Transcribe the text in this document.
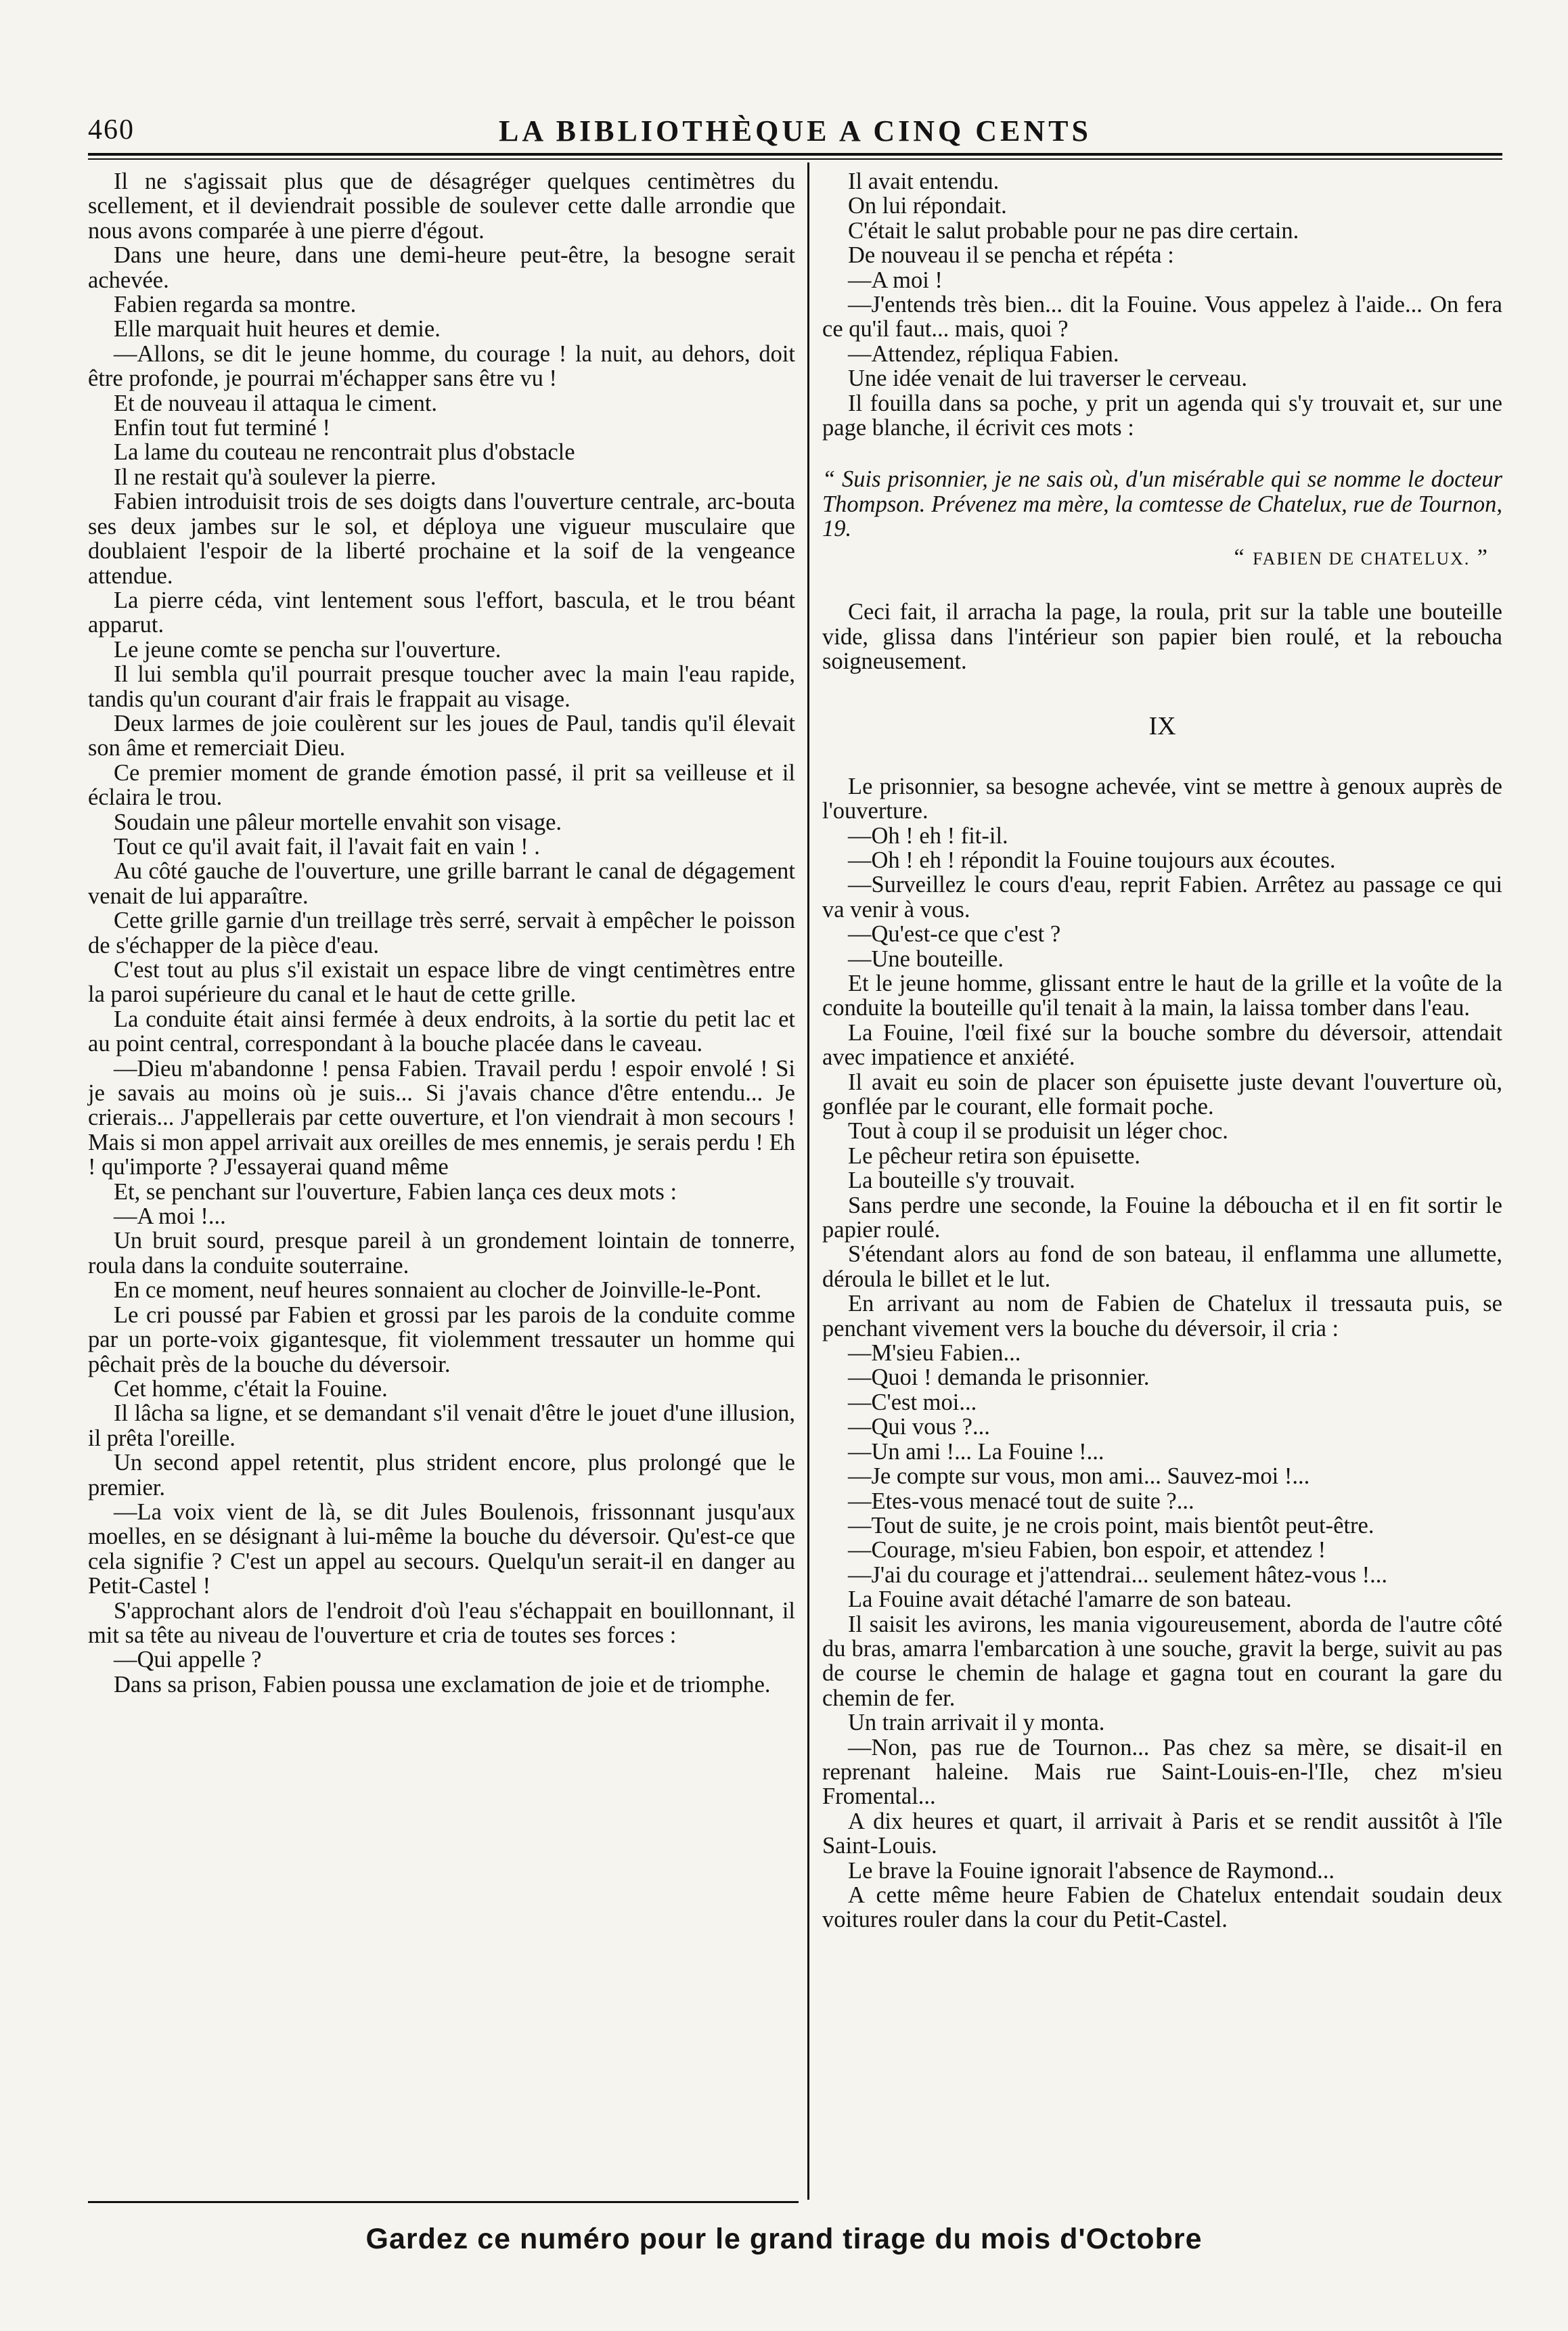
460	LA BIBLIOTHÈQUE A CINQ CENTS

Il ne s'agissait plus que de désagréger quelques centimètres du scellement, et il deviendrait possible de soulever cette dalle arrondie que nous avons comparée à une pierre d'égout.

Dans une heure, dans une demi-heure peut-être, la besogne serait achevée.

Fabien regarda sa montre.

Elle marquait huit heures et demie.

—Allons, se dit le jeune homme, du courage ! la nuit, au dehors, doit être profonde, je pourrai m'échapper sans être vu !

Et de nouveau il attaqua le ciment.

Enfin tout fut terminé !

La lame du couteau ne rencontrait plus d'obstacle

Il ne restait qu'à soulever la pierre.

Fabien introduisit trois de ses doigts dans l'ouverture centrale, arc-bouta ses deux jambes sur le sol, et déploya une vigueur musculaire que doublaient l'espoir de la liberté prochaine et la soif de la vengeance attendue.

La pierre céda, vint lentement sous l'effort, bascula, et le trou béant apparut.

Le jeune comte se pencha sur l'ouverture.

Il lui sembla qu'il pourrait presque toucher avec la main l'eau rapide, tandis qu'un courant d'air frais le frappait au visage.

Deux larmes de joie coulèrent sur les joues de Paul, tandis qu'il élevait son âme et remerciait Dieu.

Ce premier moment de grande émotion passé, il prit sa veilleuse et il éclaira le trou.

Soudain une pâleur mortelle envahit son visage.

Tout ce qu'il avait fait, il l'avait fait en vain ! .

Au côté gauche de l'ouverture, une grille barrant le canal de dégagement venait de lui apparaître.

Cette grille garnie d'un treillage très serré, servait à empêcher le poisson de s'échapper de la pièce d'eau.

C'est tout au plus s'il existait un espace libre de vingt centimètres entre la paroi supérieure du canal et le haut de cette grille.

La conduite était ainsi fermée à deux endroits, à la sortie du petit lac et au point central, correspondant à la bouche placée dans le caveau.

—Dieu m'abandonne ! pensa Fabien. Travail perdu ! espoir envolé ! Si je savais au moins où je suis... Si j'avais chance d'être entendu... Je crierais... J'appellerais par cette ouverture, et l'on viendrait à mon secours ! Mais si mon appel arrivait aux oreilles de mes ennemis, je serais perdu ! Eh ! qu'importe ? J'essayerai quand même

Et, se penchant sur l'ouverture, Fabien lança ces deux mots :

—A moi !...

Un bruit sourd, presque pareil à un grondement lointain de tonnerre, roula dans la conduite souterraine.

En ce moment, neuf heures sonnaient au clocher de Joinville-le-Pont.

Le cri poussé par Fabien et grossi par les parois de la conduite comme par un porte-voix gigantesque, fit violemment tressauter un homme qui pêchait près de la bouche du déversoir.

Cet homme, c'était la Fouine.

Il lâcha sa ligne, et se demandant s'il venait d'être le jouet d'une illusion, il prêta l'oreille.

Un second appel retentit, plus strident encore, plus prolongé que le premier.

—La voix vient de là, se dit Jules Boulenois, frissonnant jusqu'aux moelles, en se désignant à lui-même la bouche du déversoir. Qu'est-ce que cela signifie ? C'est un appel au secours. Quelqu'un serait-il en danger au Petit-Castel !

S'approchant alors de l'endroit d'où l'eau s'échappait en bouillonnant, il mit sa tête au niveau de l'ouverture et cria de toutes ses forces :

—Qui appelle ?

Dans sa prison, Fabien poussa une exclamation de joie et de triomphe.

Il avait entendu.

On lui répondait.

C'était le salut probable pour ne pas dire certain.

De nouveau il se pencha et répéta :

—A moi !

—J'entends très bien... dit la Fouine. Vous appelez à l'aide... On fera ce qu'il faut... mais, quoi ?

—Attendez, répliqua Fabien.

Une idée venait de lui traverser le cerveau.

Il fouilla dans sa poche, y prit un agenda qui s'y trouvait et, sur une page blanche, il écrivit ces mots :

“ Suis prisonnier, je ne sais où, d'un misérable qui se nomme le docteur Thompson. Prévenez ma mère, la comtesse de Chatelux, rue de Tournon, 19.

“ FABIEN DE CHATELUX. ”

Ceci fait, il arracha la page, la roula, prit sur la table une bouteille vide, glissa dans l'intérieur son papier bien roulé, et la reboucha soigneusement.

IX

Le prisonnier, sa besogne achevée, vint se mettre à genoux auprès de l'ouverture.

—Oh ! eh ! fit-il.

—Oh ! eh ! répondit la Fouine toujours aux écoutes.

—Surveillez le cours d'eau, reprit Fabien. Arrêtez au passage ce qui va venir à vous.

—Qu'est-ce que c'est ?

—Une bouteille.

Et le jeune homme, glissant entre le haut de la grille et la voûte de la conduite la bouteille qu'il tenait à la main, la laissa tomber dans l'eau.

La Fouine, l'œil fixé sur la bouche sombre du déversoir, attendait avec impatience et anxiété.

Il avait eu soin de placer son épuisette juste devant l'ouverture où, gonflée par le courant, elle formait poche.

Tout à coup il se produisit un léger choc.

Le pêcheur retira son épuisette.

La bouteille s'y trouvait.

Sans perdre une seconde, la Fouine la déboucha et il en fit sortir le papier roulé.

S'étendant alors au fond de son bateau, il enflamma une allumette, déroula le billet et le lut.

En arrivant au nom de Fabien de Chatelux il tressauta puis, se penchant vivement vers la bouche du déversoir, il cria :

—M'sieu Fabien...

—Quoi ! demanda le prisonnier.

—C'est moi...

—Qui vous ?...

—Un ami !... La Fouine !...

—Je compte sur vous, mon ami... Sauvez-moi !...

—Etes-vous menacé tout de suite ?...

—Tout de suite, je ne crois point, mais bientôt peut-être.

—Courage, m'sieu Fabien, bon espoir, et attendez !

—J'ai du courage et j'attendrai... seulement hâtez-vous !...

La Fouine avait détaché l'amarre de son bateau.

Il saisit les avirons, les mania vigoureusement, aborda de l'autre côté du bras, amarra l'embarcation à une souche, gravit la berge, suivit au pas de course le chemin de halage et gagna tout en courant la gare du chemin de fer.

Un train arrivait il y monta.

—Non, pas rue de Tournon... Pas chez sa mère, se disait-il en reprenant haleine. Mais rue Saint-Louis-en-l'Ile, chez m'sieu Fromental...

A dix heures et quart, il arrivait à Paris et se rendit aussitôt à l'île Saint-Louis.

Le brave la Fouine ignorait l'absence de Raymond...

A cette même heure Fabien de Chatelux entendait soudain deux voitures rouler dans la cour du Petit-Castel.

Gardez ce numéro pour le grand tirage du mois d'Octobre
